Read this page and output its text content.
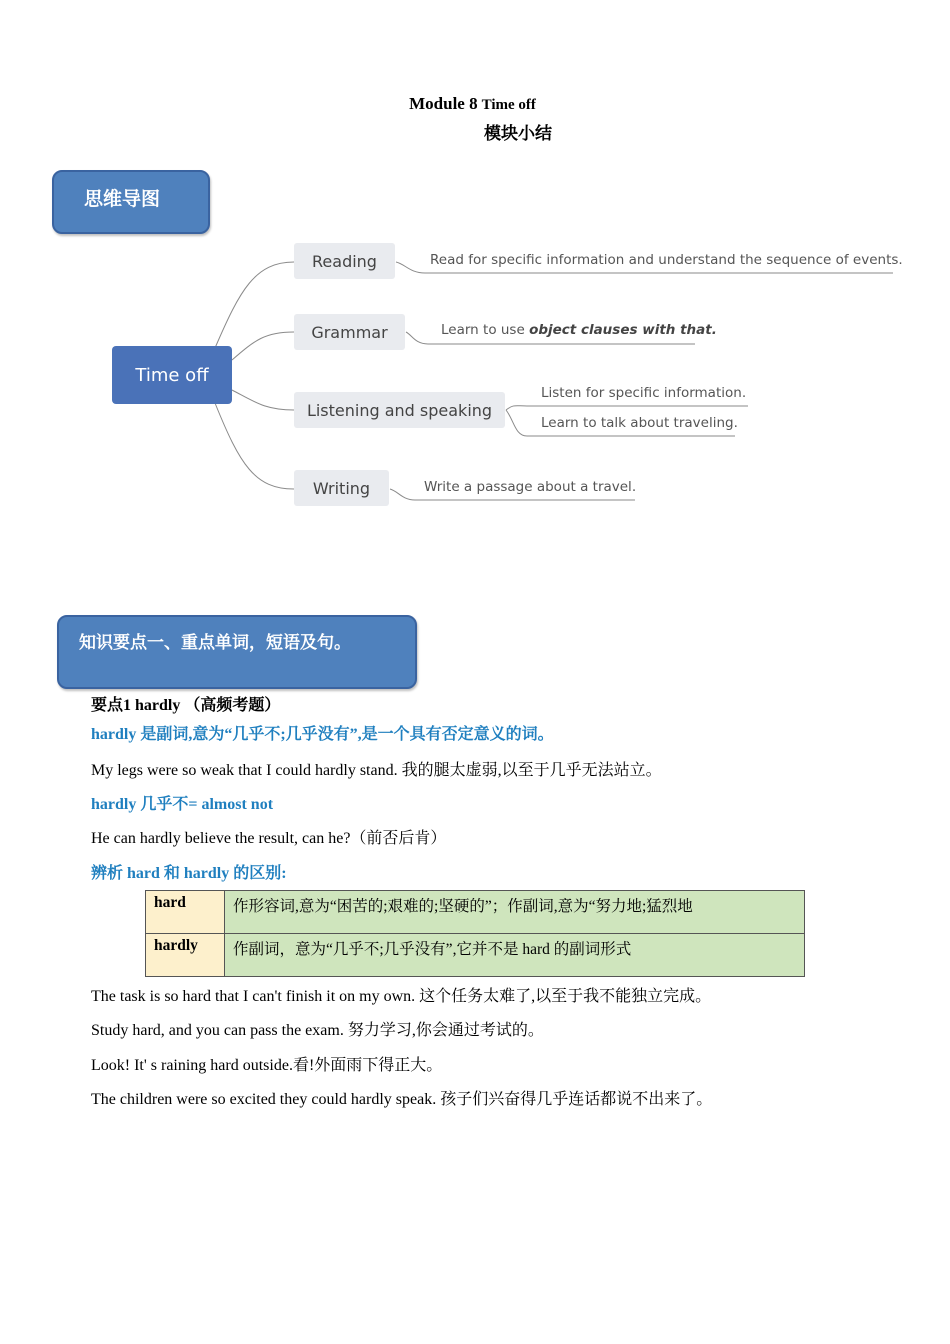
Module 8 Time off
模块小结
思维导图
Time off
Reading
Grammar
Listening and speaking
Writing
Read for specific information and understand the sequence of events.
Learn to use object clauses with that.
Listen for specific information.
Learn to talk about traveling.
Write a passage about a travel.
知识要点一、重点单词，短语及句。
要点1 hardly （高频考题）
hardly 是副词,意为“几乎不;几乎没有”,是一个具有否定意义的词。
My legs were so weak that I could hardly stand. 我的腿太虚弱,以至于几乎无法站立。
hardly 几乎不= almost not
He can hardly believe the result, can he?（前否后肯）
辨析 hard 和 hardly 的区别:
hard	作形容词,意为“困苦的;艰难的;坚硬的”；作副词,意为“努力地;猛烈地
hardly	作副词，意为“几乎不;几乎没有”,它并不是 hard 的副词形式
The task is so hard that I can't finish it on my own. 这个任务太难了,以至于我不能独立完成。
Study hard, and you can pass the exam. 努力学习,你会通过考试的。
Look! It' s raining hard outside.看!外面雨下得正大。
The children were so excited they could hardly speak. 孩子们兴奋得几乎连话都说不出来了。
